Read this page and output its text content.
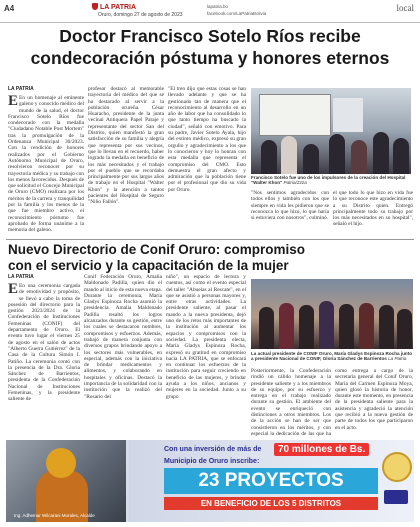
A4	LA PATRIA
Oruro, domingo 27 de agosto de 2023
lapatria.bo
facebook.com/LaPatriaBolivia
local
Doctor Francisco Sotelo Ríos recibe
condecoración póstuma y honores eternos
LA PATRIA
E En un homenaje al eminente galeno y conocido médico del mundo de la salud, el doctor Francisco Sotelo Ríos fue condecorado con la medalla "Ciudadano Notable Post Mortem" tras la promulgación de la Ordenanza Municipal 30/2023. Con la rendición de honores realizados por el Gobierno Autónomo Municipal de Oruro, resolvieron reconocer por su trayectoria médica y su trabajo con los menos favorecidos. Después de que solicitud el Concejo Municipal de Oruro (CMO) realizara por los méritos de la carrera y tranquilidad por la familia y los menos de la que fue miembro activo, el reconocimiento póstumo fue aprobado de forma unánime a la memoria del galeno.
profesor destacó al memorable trayectoria del médico del que se ha destacado al servir a la población orureña. César Huaracho, presidente de la junta vecinal Antiquera Papel Paraje y representante del sector San del Distrito, quien manifestó la gran satisfacción de su familia y alegría que representa por sus vecinos, que lo llevan en el recuerdo, haber logrado la medalla en beneficio de los más necesitados y el trabajo por el pueblo que se recordaba principalmente por sus largos años de trabajo en el Hospital "Walter Khon" y la atención a tantos pacientes del Hospital de Seguro "Niño Fallón".
"El tren dijo que estas cosas se han llevado adelante y que se ha gestionado tan de manera que el reconocimiento al desarrollo en un año de labor que ha consolidado lo que tanto tiempo ha buscado la ciudad", señaló con emotivo. Para su padre, Javier Sotelo Ayala, hijo del extinto médico, expresó su gran orgullo y agradecimiento a los que lo conocieron y hoy lo honran con esta medalla que representa el compromiso del CMO. Esto demuestra el gran afecto y admiración que la población tiene por el profesional que dio su vida por Oruro.
Francisco Sotelo fue uno de los impulsores de la creación del Hospital "Walter Khon" Patria/Zzza
"Nos sentimos agradecidos con todos ellos y también con los que siempre en vida les pidieron que se reconozca lo que hizo, lo que haría si estuviera con nosotros", culminó.
el que todo lo que hizo en vida fue lo que reconoce este agradecimiento a su Distrito quien. Entregó principalmente todo su trabajo por los más necesitados en su hospital", señaló el hijo.
Nuevo Directorio de Conif Oruro: compromiso
con el servicio y la capacitación de la mujer
LA PATRIA
E En una ceremonia cargada de emotividad y propósito, se llevó a cabo la toma de posesión del directorio para la gestión 2023/2024 de la Confederación de Instituciones Femeninas (CONIF) del departamento de Oruro. El evento tuvo lugar el viernes 25 de agosto en el salón de actos "Alberto Guerra Gutiérrez" de la Casa de la Cultura Simón I. Patiño. La ceremonia contó con la presencia de la Dra. Gloria Sánchez de Barrientos, presidenta de la Confederación Nacional de Instituciones Femeninas, y la presidente saliente de
Conif Federación Oruro, Amalia Maldonado Padilla, quien dio el mando al inicio de esta nueva etapa. Durante la ceremonia, María Gladys Espinoza Rocha asumió la presidencia. Amalia Maldonado Padilla resaltó los logros alcanzados durante su gestión, entre los cuales se destacaron nombres, compromisos y esfuerzos. Además, trabajó de manera conjunta con diversos grupos brindando apoyo a los sectores más vulnerables, en especial, además con la iniciativa de brindar medicamentos y alimentos, y colaborando en hospitales y oficinas. Destacó la importancia de la solidaridad con la institución que la realizó del "Rosario del
niño", un espacio de lectura y cuentos, así como el evento especial del taller "Abuelas al Rescate", en el que se asistió a personas mayores y, entre otras actividades. La presidente saliente, al pasar el mando a la nueva presidenta, dejó uno de los retos más importantes de la institución al aumentar los espacios y compromisos con la sociedad. La presidenta electa, María Gladys Espinoza Rocha, expresó su gratitud en compromiso hacia LA PATRIA, que se enfocará en continuar los esfuerzos de la institución para seguir creciendo en beneficio de las mujeres, y brindar ayuda a los niños, ancianos y mujeres en la sociedad. Junto a su grupo
La actual presidente de CONIF Oruro, María Gladys Espinoza Rocha junto a presidente Nacional de CONIF, Gloria Sánchez de Barrientos La Patria
Posteriormente, la Confederación rindió un cálido homenaje a la presidente saliente y a los miembros de su equipo, por su esfuerzo y entrega en el trabajo realizado durante su gestión. El ambiente del evento se enriqueció con distinciones a otros miembros. Los de la acción se han de ser que consistieron en los méritos, y con especial la dedicación de las que ha
como entrega a cargo de la secretaria general del Conif Oruro, María del Carmen Espinoza Moya, quien glosó la historia de honor, durante este momento, en presencia de la presidenta saliente para la asistencia y agradeció la atención que recibió a la nueva gestión de parte de todos los que participaron en el acto.
Ing. Adhemar Wilcarani Morales, Alcalde
Con una inversión de más de	70 millones de Bs.
Municipio de Oruro inscribe:
23 PROYECTOS
EN BENEFICIO DE LOS 5 DISTRITOS
